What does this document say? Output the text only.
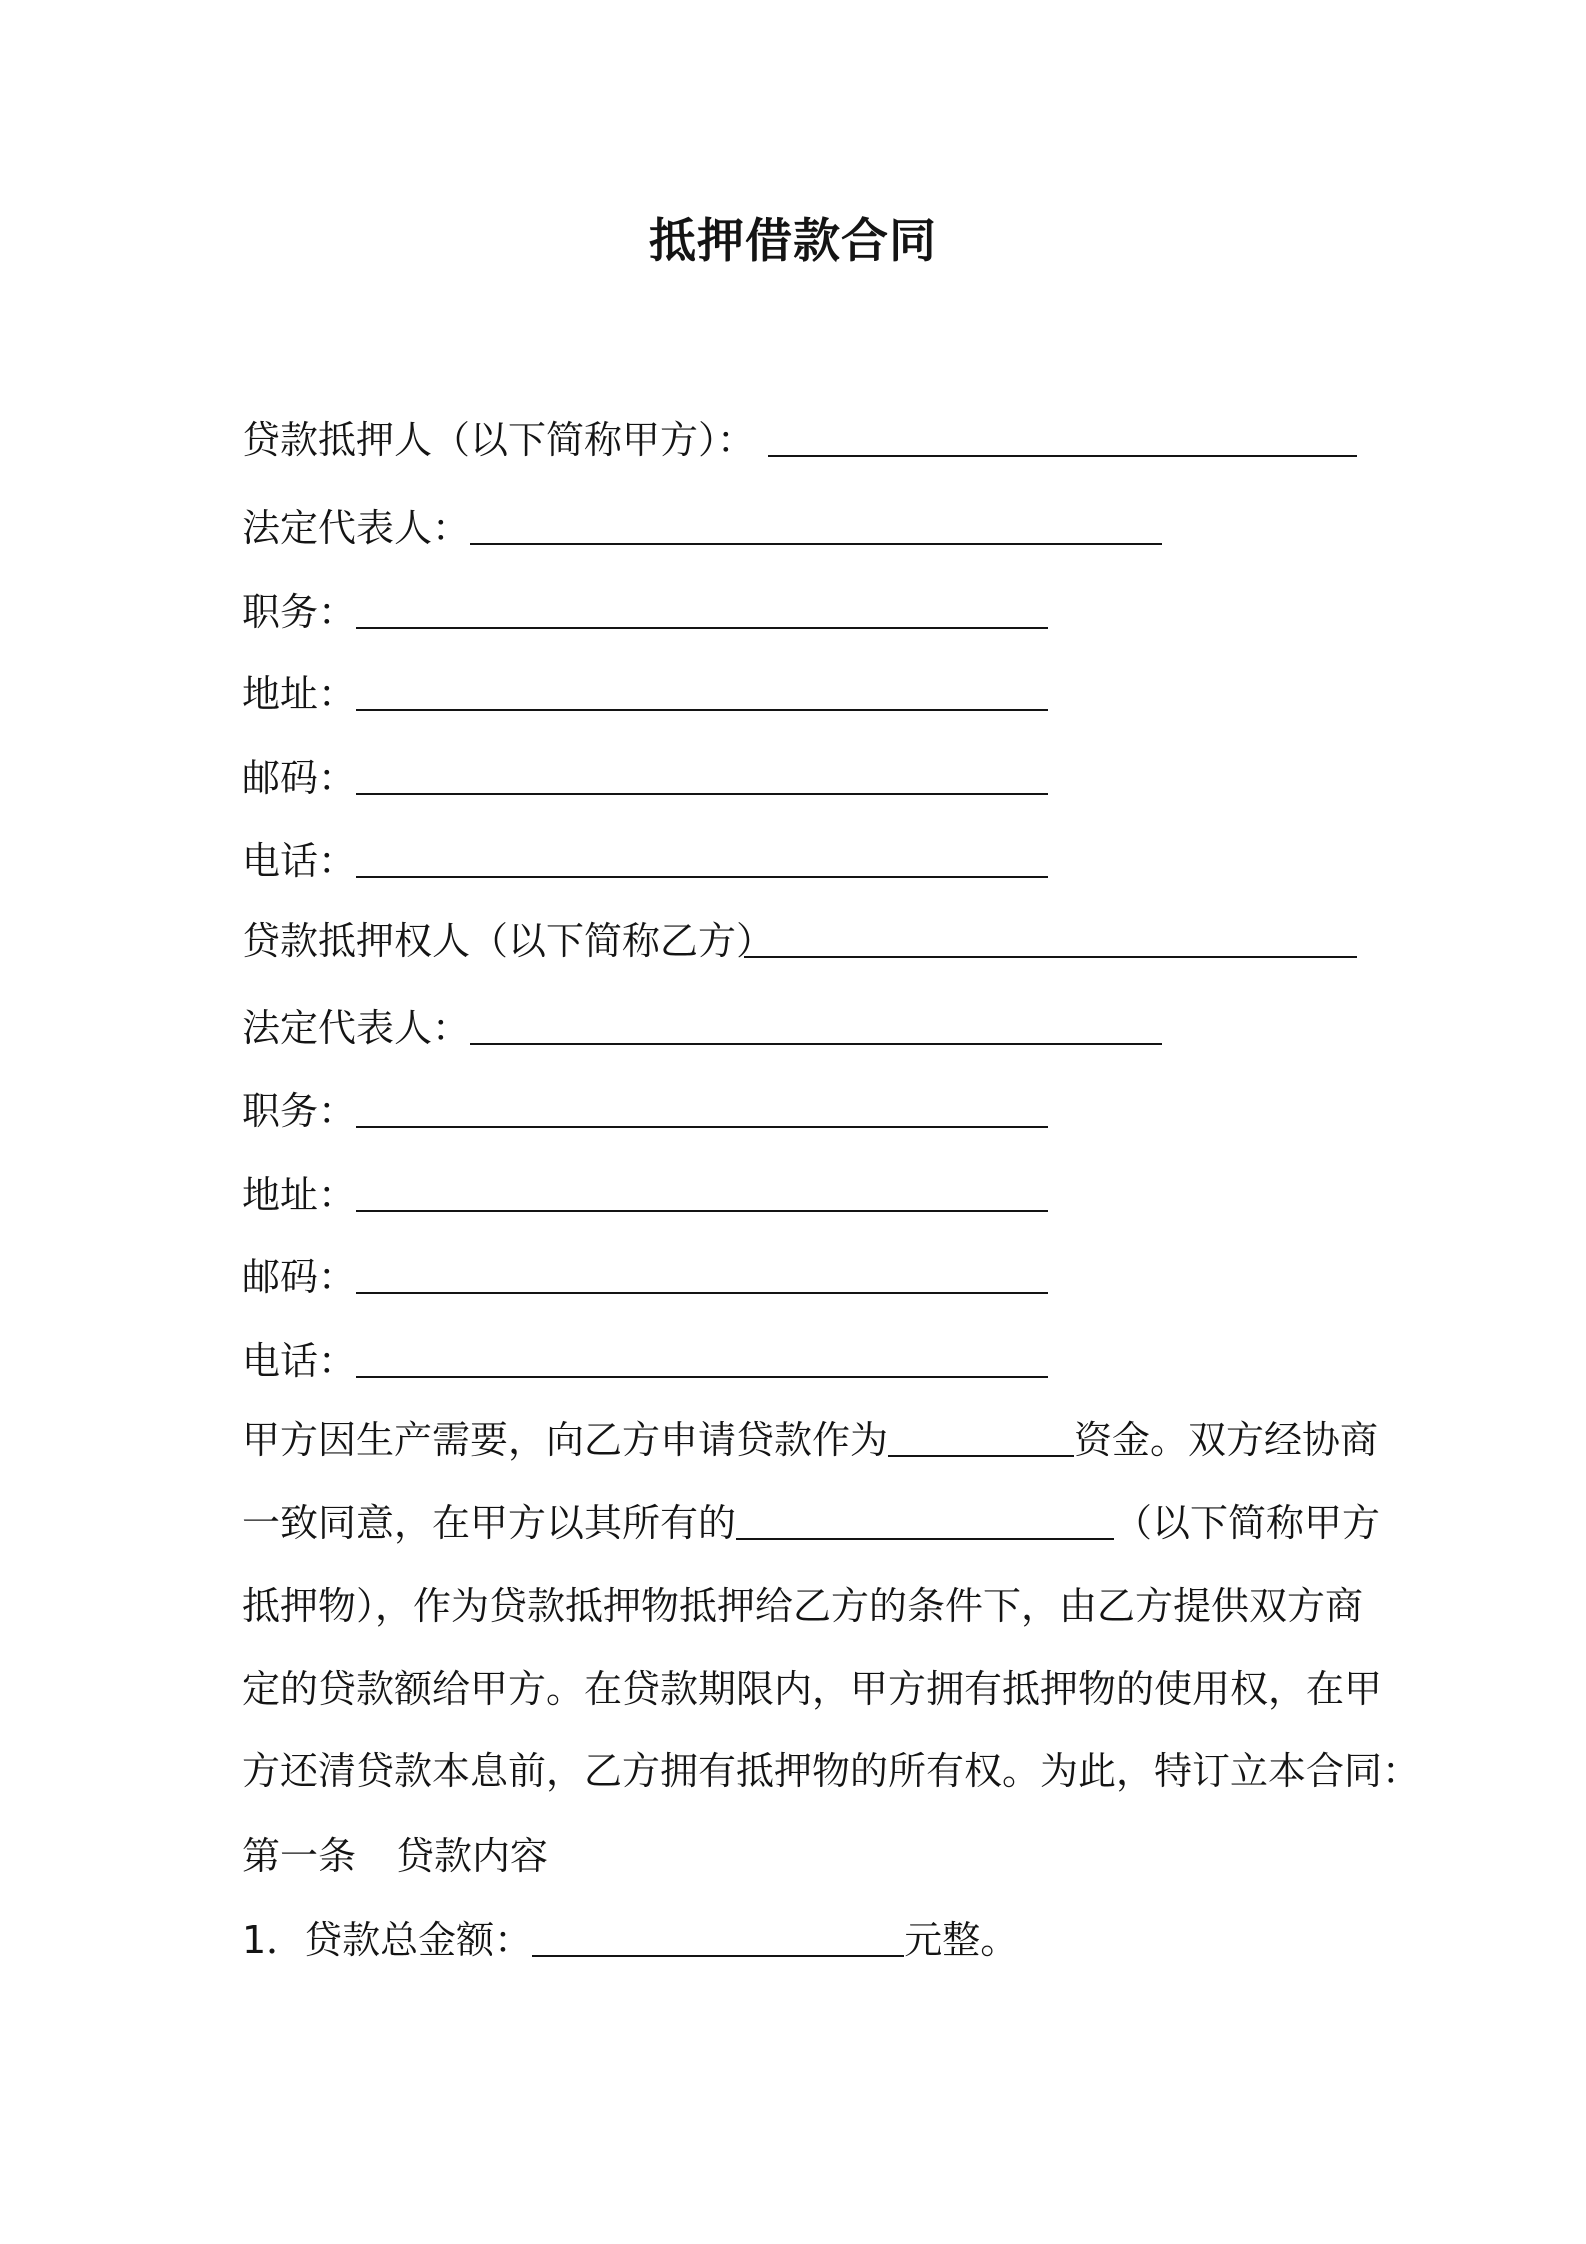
抵押借款合同
贷款抵押人（以下简称甲方）：
法定代表人：
职务：
地址：
邮码：
电话：
贷款抵押权人（以下简称乙方）
法定代表人：
职务：
地址：
邮码：
电话：
甲方因生产需要，向乙方申请贷款作为	资金。双方经协商
一致同意，在甲方以其所有的	（以下简称甲方
抵押物），作为贷款抵押物抵押给乙方的条件下，由乙方提供双方商
定的贷款额给甲方。在贷款期限内，甲方拥有抵押物的使用权，在甲
方还清贷款本息前，乙方拥有抵押物的所有权。为此，特订立本合同：
第一条 贷款内容
1．贷款总金额：	元整。
